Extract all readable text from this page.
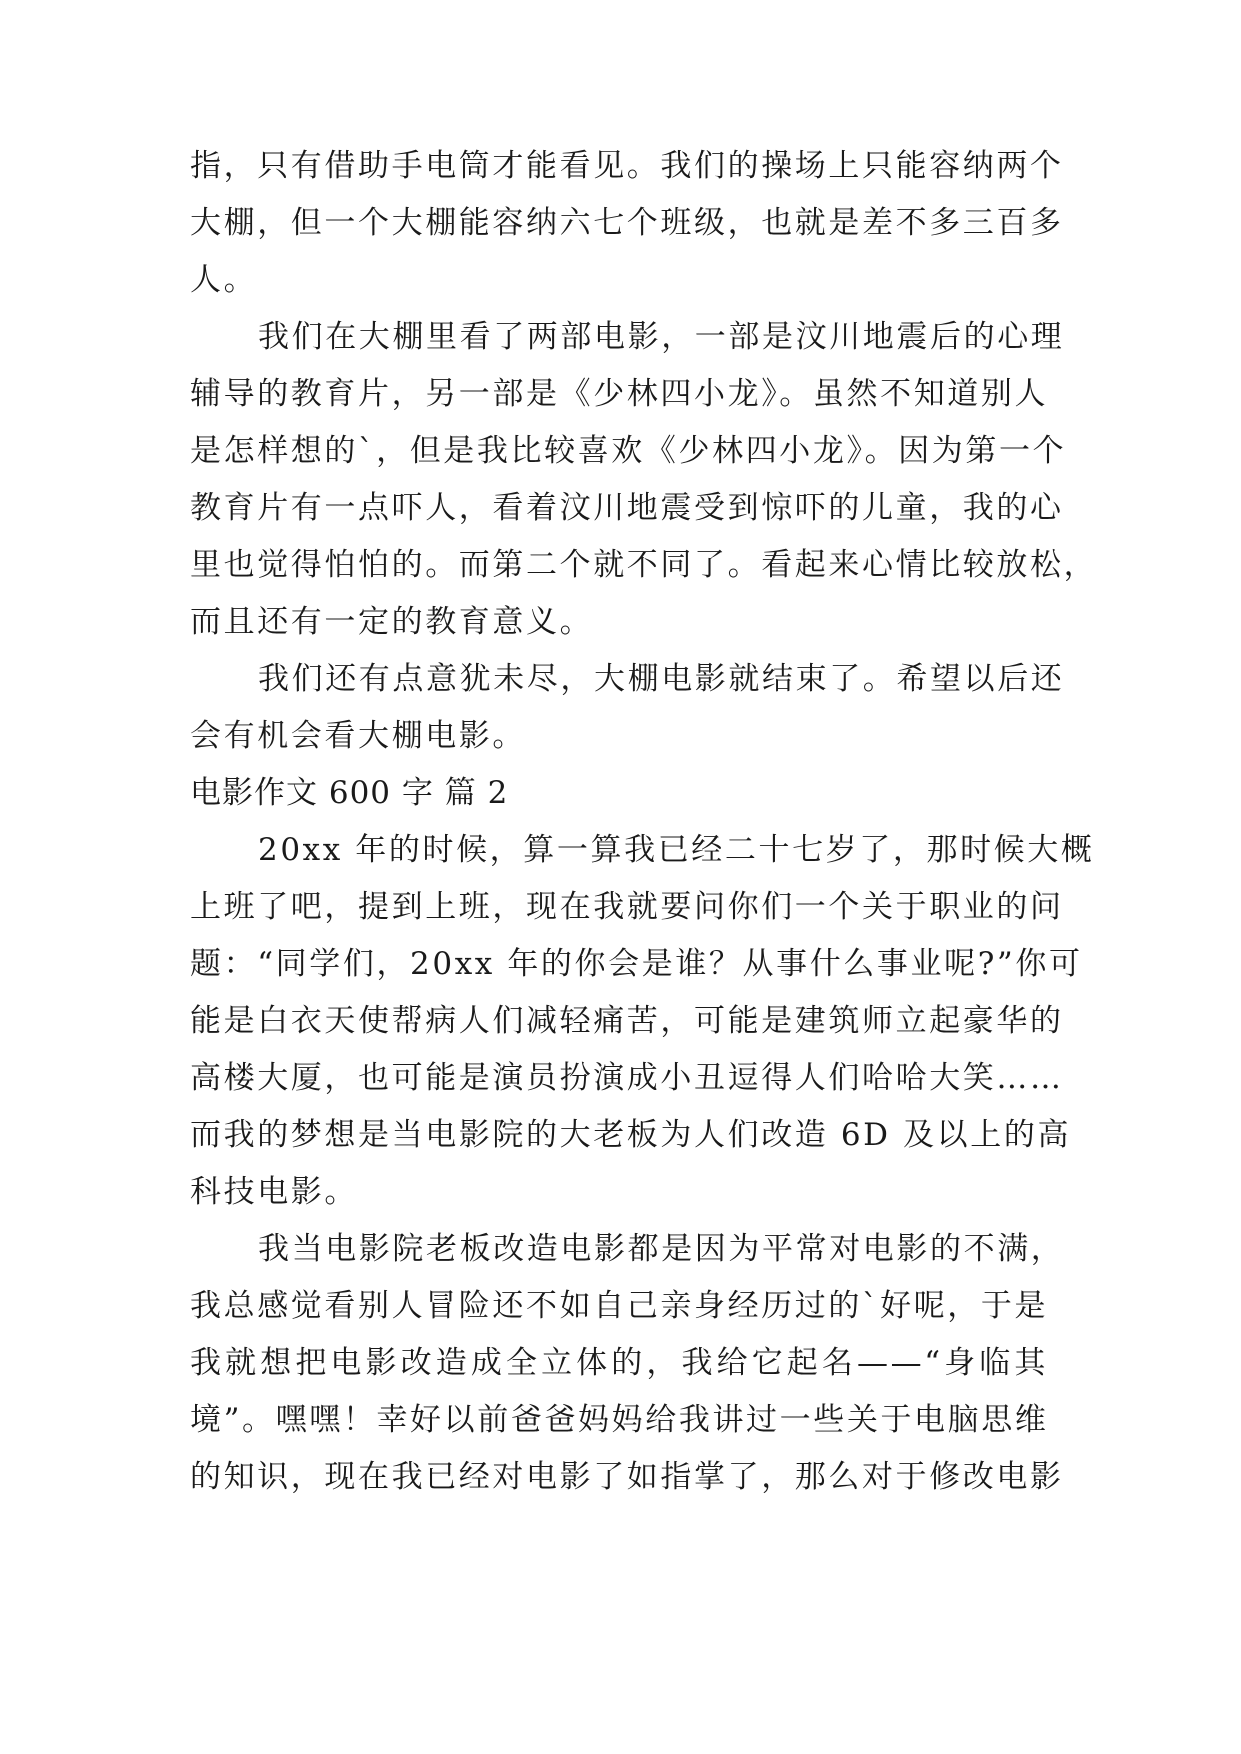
指，只有借助手电筒才能看见。我们的操场上只能容纳两个
大棚，但一个大棚能容纳六七个班级，也就是差不多三百多
人。
我们在大棚里看了两部电影，一部是汶川地震后的心理
辅导的教育片，另一部是《少林四小龙》。虽然不知道别人
是怎样想的`，但是我比较喜欢《少林四小龙》。因为第一个
教育片有一点吓人，看着汶川地震受到惊吓的儿童，我的心
里也觉得怕怕的。而第二个就不同了。看起来心情比较放松，
而且还有一定的教育意义。
我们还有点意犹未尽，大棚电影就结束了。希望以后还
会有机会看大棚电影。
电影作文 600 字 篇 2
20xx 年的时候，算一算我已经二十七岁了，那时候大概
上班了吧，提到上班，现在我就要问你们一个关于职业的问
题：“同学们，20xx 年的你会是谁？从事什么事业呢?”你可
能是白衣天使帮病人们减轻痛苦，可能是建筑师立起豪华的
高楼大厦，也可能是演员扮演成小丑逗得人们哈哈大笑……
而我的梦想是当电影院的大老板为人们改造 6D 及以上的高
科技电影。
我当电影院老板改造电影都是因为平常对电影的不满，
我总感觉看别人冒险还不如自己亲身经历过的`好呢，于是
我就想把电影改造成全立体的，我给它起名——“身临其
境”。嘿嘿！幸好以前爸爸妈妈给我讲过一些关于电脑思维
的知识，现在我已经对电影了如指掌了，那么对于修改电影
